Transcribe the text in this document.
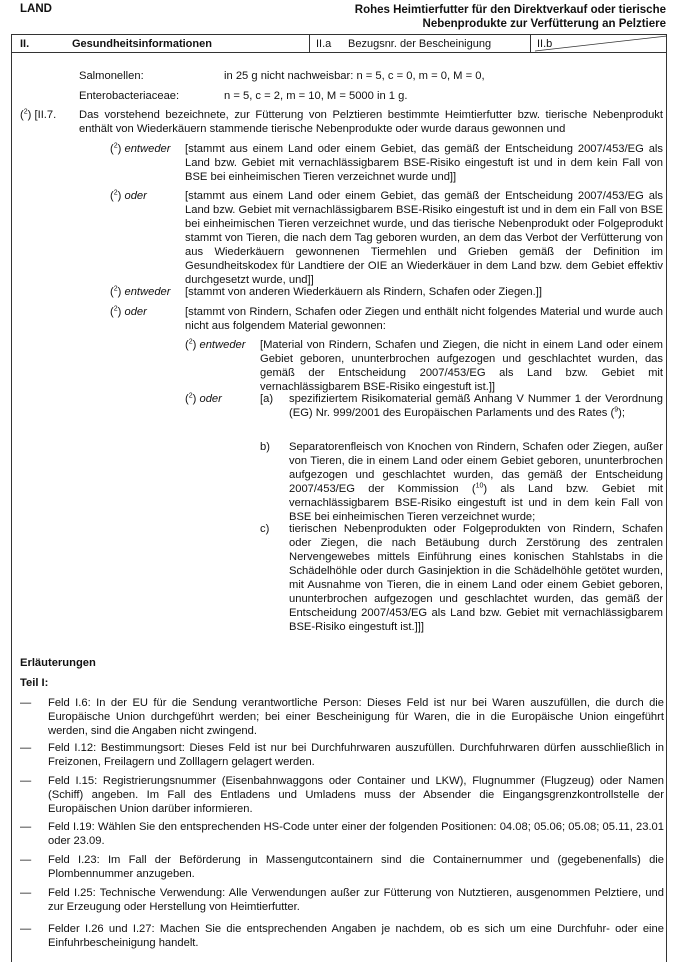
LAND	Rohes Heimtierfutter für den Direktverkauf oder tierische
Nebenprodukte zur Verfütterung an Pelztiere
II.	Gesundheitsinformationen	II.a	Bezugsnr. der Bescheinigung	II.b
Salmonellen:	in 25 g nicht nachweisbar: n = 5, c = 0, m = 0, M = 0,
Enterobacteriaceae:	n = 5, c = 2, m = 10, M = 5000 in 1 g.
($^2$) [II.7. Das vorstehend bezeichnete, zur Fütterung von Pelztieren bestimmte Heimtierfutter bzw. tierische Nebenprodukt enthält von Wiederkäuern stammende tierische Nebenprodukte oder wurde daraus gewonnen und
($^2$) entweder [stammt aus einem Land oder einem Gebiet, das gemäß der Entscheidung 2007/453/EG als Land bzw. Gebiet mit vernachlässigbarem BSE-Risiko eingestuft ist und in dem kein Fall von BSE bei einheimischen Tieren verzeichnet wurde und]]
($^2$) oder	[stammt aus einem Land oder einem Gebiet, das gemäß der Entscheidung 2007/453/EG als Land bzw. Gebiet mit vernachlässigbarem BSE-Risiko eingestuft ist und in dem ein Fall von BSE bei einheimischen Tieren verzeichnet wurde, und das tierische Nebenprodukt oder Folgeprodukt stammt von Tieren, die nach dem Tag geboren wurden, an dem das Verbot der Verfütterung von aus Wiederkäuern gewonnenen Tiermehlen und Grieben gemäß der Definition im Gesundheitskodex für Landtiere der OIE an Wiederkäuer in dem Land bzw. dem Gebiet effektiv durchgesetzt wurde, und]]
($^2$) entweder [stammt von anderen Wiederkäuern als Rindern, Schafen oder Ziegen.]]
($^2$) oder	[stammt von Rindern, Schafen oder Ziegen und enthält nicht folgendes Material und wurde auch nicht aus folgendem Material gewonnen:
($^2$) entweder [Material von Rindern, Schafen und Ziegen, die nicht in einem Land oder einem Gebiet geboren, ununterbrochen aufgezogen und geschlachtet wurden, das gemäß der Entscheidung 2007/453/EG als Land bzw. Gebiet mit vernachlässigbarem BSE-Risiko eingestuft ist.]]
($^2$) oder	[a) spezifiziertem Risikomaterial gemäß Anhang V Nummer 1 der Verordnung (EG) Nr. 999/2001 des Europäischen Parlaments und des Rates ($^9$);
b) Separatorenfleisch von Knochen von Rindern, Schafen oder Ziegen, außer von Tieren, die in einem Land oder einem Gebiet geboren, ununterbrochen aufgezogen und geschlachtet wurden, das gemäß der Entscheidung 2007/453/EG der Kommission ($^{10}$) als Land bzw. Gebiet mit vernachlässigbarem BSE-Risiko eingestuft ist und in dem kein Fall von BSE bei einheimischen Tieren verzeichnet wurde;
c) tierischen Nebenprodukten oder Folgeprodukten von Rindern, Schafen oder Ziegen, die nach Betäubung durch Zerstörung des zentralen Nervengewebes mittels Einführung eines konischen Stahlstabs in die Schädelhöhle oder durch Gasinjektion in die Schädelhöhle getötet wurden, mit Ausnahme von Tieren, die in einem Land oder einem Gebiet geboren, ununterbrochen aufgezogen und geschlachtet wurden, das gemäß der Entscheidung 2007/453/EG als Land bzw. Gebiet mit vernachlässigbarem BSE-Risiko eingestuft ist.]]]
Erläuterungen
Teil I:
— Feld I.6: In der EU für die Sendung verantwortliche Person: Dieses Feld ist nur bei Waren auszufüllen, die durch die Europäische Union durchgeführt werden; bei einer Bescheinigung für Waren, die in die Europäische Union eingeführt werden, sind die Angaben nicht zwingend.
— Feld I.12: Bestimmungsort: Dieses Feld ist nur bei Durchfuhrwaren auszufüllen. Durchfuhrwaren dürfen ausschließlich in Freizonen, Freilagern und Zolllagern gelagert werden.
— Feld I.15: Registrierungsnummer (Eisenbahnwaggons oder Container und LKW), Flugnummer (Flugzeug) oder Namen (Schiff) angeben. Im Fall des Entladens und Umladens muss der Absender die Eingangsgrenzkontrollstelle der Europäischen Union darüber informieren.
— Feld I.19: Wählen Sie den entsprechenden HS-Code unter einer der folgenden Positionen: 04.08; 05.06; 05.08; 05.11, 23.01 oder 23.09.
— Feld I.23: Im Fall der Beförderung in Massengutcontainern sind die Containernummer und (gegebenenfalls) die Plombennummer anzugeben.
— Feld I.25: Technische Verwendung: Alle Verwendungen außer zur Fütterung von Nutztieren, ausgenommen Pelztiere, und zur Erzeugung oder Herstellung von Heimtierfutter.
— Felder I.26 und I.27: Machen Sie die entsprechenden Angaben je nachdem, ob es sich um eine Durchfuhr- oder eine Einfuhrbescheinigung handelt.
